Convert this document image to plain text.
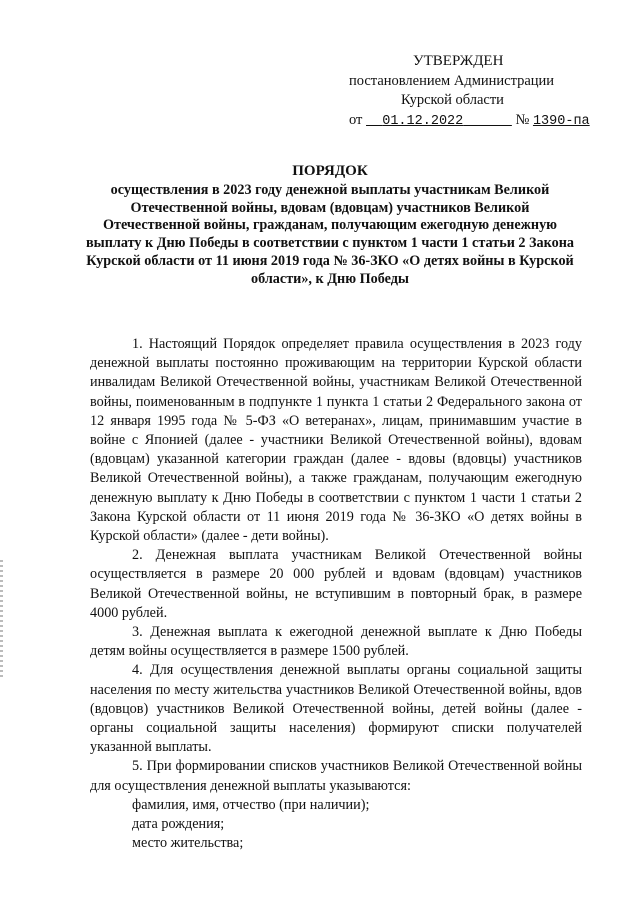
УТВЕРЖДЕН
постановлением Администрации
Курской области
от 01.12.2022	№ 1390-па
ПОРЯДОК
осуществления в 2023 году денежной выплаты участникам Великой Отечественной войны, вдовам (вдовцам) участников Великой Отечественной войны, гражданам, получающим ежегодную денежную выплату к Дню Победы в соответствии с пунктом 1 части 1 статьи 2 Закона Курской области от 11 июня 2019 года № 36-ЗКО «О детях войны в Курской области», к Дню Победы

1. Настоящий Порядок определяет правила осуществления в 2023 году денежной выплаты постоянно проживающим на территории Курской области инвалидам Великой Отечественной войны, участникам Великой Отечественной войны, поименованным в подпункте 1 пункта 1 статьи 2 Федерального закона от 12 января 1995 года № 5-ФЗ «О ветеранах», лицам, принимавшим участие в войне с Японией (далее - участники Великой Отечественной войны), вдовам (вдовцам) указанной категории граждан (далее - вдовы (вдовцы) участников Великой Отечественной войны), а также гражданам, получающим ежегодную денежную выплату к Дню Победы в соответствии с пунктом 1 части 1 статьи 2 Закона Курской области от 11 июня 2019 года № 36-ЗКО «О детях войны в Курской области» (далее - дети войны).

2. Денежная выплата участникам Великой Отечественной войны осуществляется в размере 20 000 рублей и вдовам (вдовцам) участников Великой Отечественной войны, не вступившим в повторный брак, в размере 4000 рублей.

3. Денежная выплата к ежегодной денежной выплате к Дню Победы детям войны осуществляется в размере 1500 рублей.

4. Для осуществления денежной выплаты органы социальной защиты населения по месту жительства участников Великой Отечественной войны, вдов (вдовцов) участников Великой Отечественной войны, детей войны (далее - органы социальной защиты населения) формируют списки получателей указанной выплаты.

5. При формировании списков участников Великой Отечественной войны для осуществления денежной выплаты указываются:

фамилия, имя, отчество (при наличии);

дата рождения;

место жительства;
